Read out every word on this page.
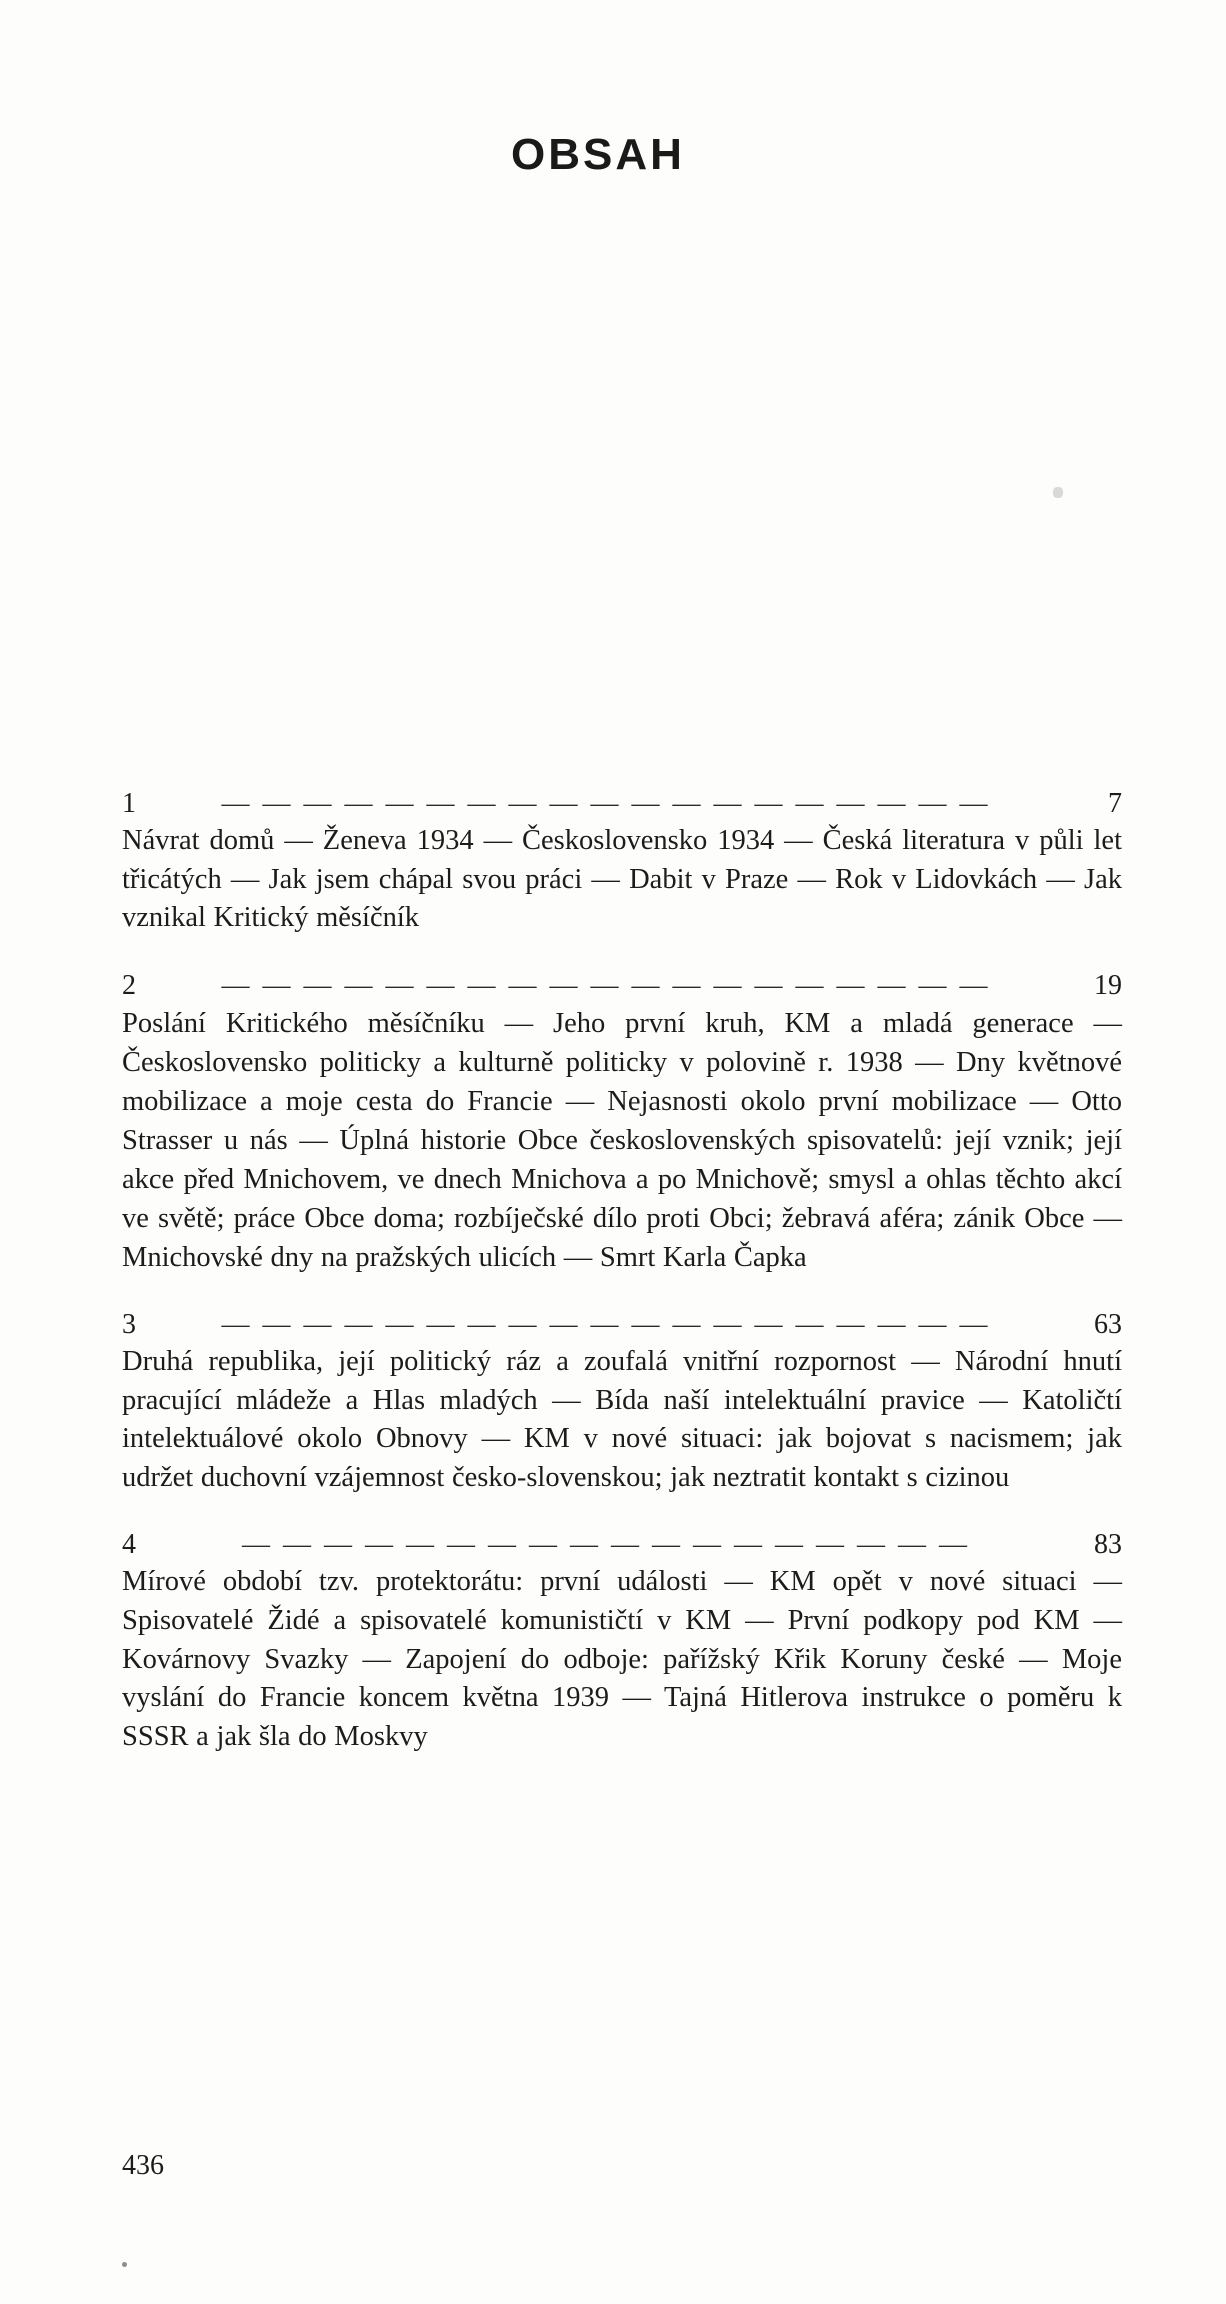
OBSAH
1	— — — — — — — — — — — — — — — — — — —	7
Návrat domů — Ženeva 1934 — Československo 1934 — Česká literatura v půli let třicátých — Jak jsem chápal svou práci — Dabit v Praze — Rok v Lidovkách — Jak vznikal Kritický měsíčník
2	— — — — — — — — — — — — — — — — — — —	19
Poslání Kritického měsíčníku — Jeho první kruh, KM a mladá generace — Československo politicky a kulturně politicky v polovině r. 1938 — Dny květnové mobilizace a moje cesta do Francie — Nejasnosti okolo první mobilizace — Otto Strasser u nás — Úplná historie Obce československých spisovatelů: její vznik; její akce před Mnichovem, ve dnech Mnichova a po Mnichově; smysl a ohlas těchto akcí ve světě; práce Obce doma; rozbíječské dílo proti Obci; žebravá aféra; zánik Obce — Mnichovské dny na pražských ulicích — Smrt Karla Čapka
3	— — — — — — — — — — — — — — — — — — —	63
Druhá republika, její politický ráz a zoufalá vnitřní rozpornost — Národní hnutí pracující mládeže a Hlas mladých — Bída naší intelektuální pravice — Katoličtí intelektuálové okolo Obnovy — KM v nové situaci: jak bojovat s nacismem; jak udržet duchovní vzájemnost česko-slovenskou; jak neztratit kontakt s cizinou
4	— — — — — — — — — — — — — — — — — —	83
Mírové období tzv. protektorátu: první události — KM opět v nové situaci — Spisovatelé Židé a spisovatelé komunističtí v KM — První podkopy pod KM — Kovárnovy Svazky — Zapojení do odboje: pařížský Křik Koruny české — Moje vyslání do Francie koncem května 1939 — Tajná Hitlerova instrukce o poměru k SSSR a jak šla do Moskvy
436
